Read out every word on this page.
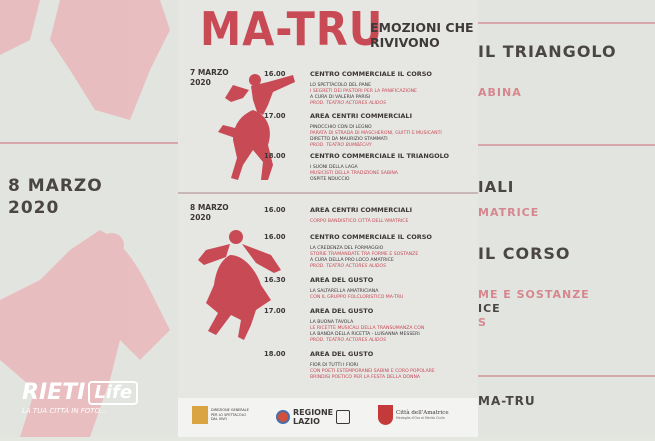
8 MARZO
2020
IL TRIANGOLO
ABINA
IALI
MATRICE
IL CORSO
ME E SOSTANZE
ICE
S
MA-TRU
MA-TRU
EMOZIONI CHE
RIVIVONO
7 MARZO
2020
16.00	CENTRO COMMERCIALE IL CORSO
LO SPETTACOLO DEL PANE
I SEGRETI DEI PASTORI PER LA PANIFICAZIONE
A CURA DI VALERIA PARISI
PROD. TEATRO ACTORES ALIDOS
17.00	AREA CENTRI COMMERCIALI
PINOCCHIO CON DI LEGNO
PARATA DI STRADA DI MASCHERONI, GUITTI E MUSICANTI
DIRETTO DA MAURIZIO STAMMATI
PROD. TEATRO BUMBECHY
18.00	CENTRO COMMERCIALE IL TRIANGOLO
I SUONI DELLA LAGA
MUSICISTI DELLA TRADIZIONE SABINA
OSPITE NDUCCIO
8 MARZO
2020
16.00	AREA CENTRI COMMERCIALI
CORPO BANDISTICO CITTÀ DELL'AMATRICE
16.00	CENTRO COMMERCIALE IL CORSO
LA CREDENZA DEL FORMAGGIO
STORIE TRAMANDATE TRA FORME E SOSTANZE
A CURA DELLA PRO LOCO AMATRICE
PROD. TEATRO ACTORES ALIDOS
16.30	AREA DEL GUSTO
LA SALTARELLA AMATRICIANA
CON IL GRUPPO FOLCLORISTICO MA-TRU
17.00	AREA DEL GUSTO
LA BUONA TAVOLA
LE RICETTE MUSICALI DELLA TRANSUMANZA CON
LA BANDA DELLA RICETTA - LUISANNA MESSERI
PROD. TEATRO ACTORES ALIDOS
18.00	AREA DEL GUSTO
FIOR DI TUTTI I FIORI
CON POETI ESTEMPORANEI SABINI E CORO POPOLARE
BRINDISI POETICO PER LA FESTA DELLA DONNA
DIREZIONE GENERALE PER LO SPETTACOLO DAL VIVO
REGIONE
LAZIO
Città dell'Amatrice
Medaglia d'Oro al Merito Civile
RIETI Life
LA TUA CITTÀ IN FOTO...
